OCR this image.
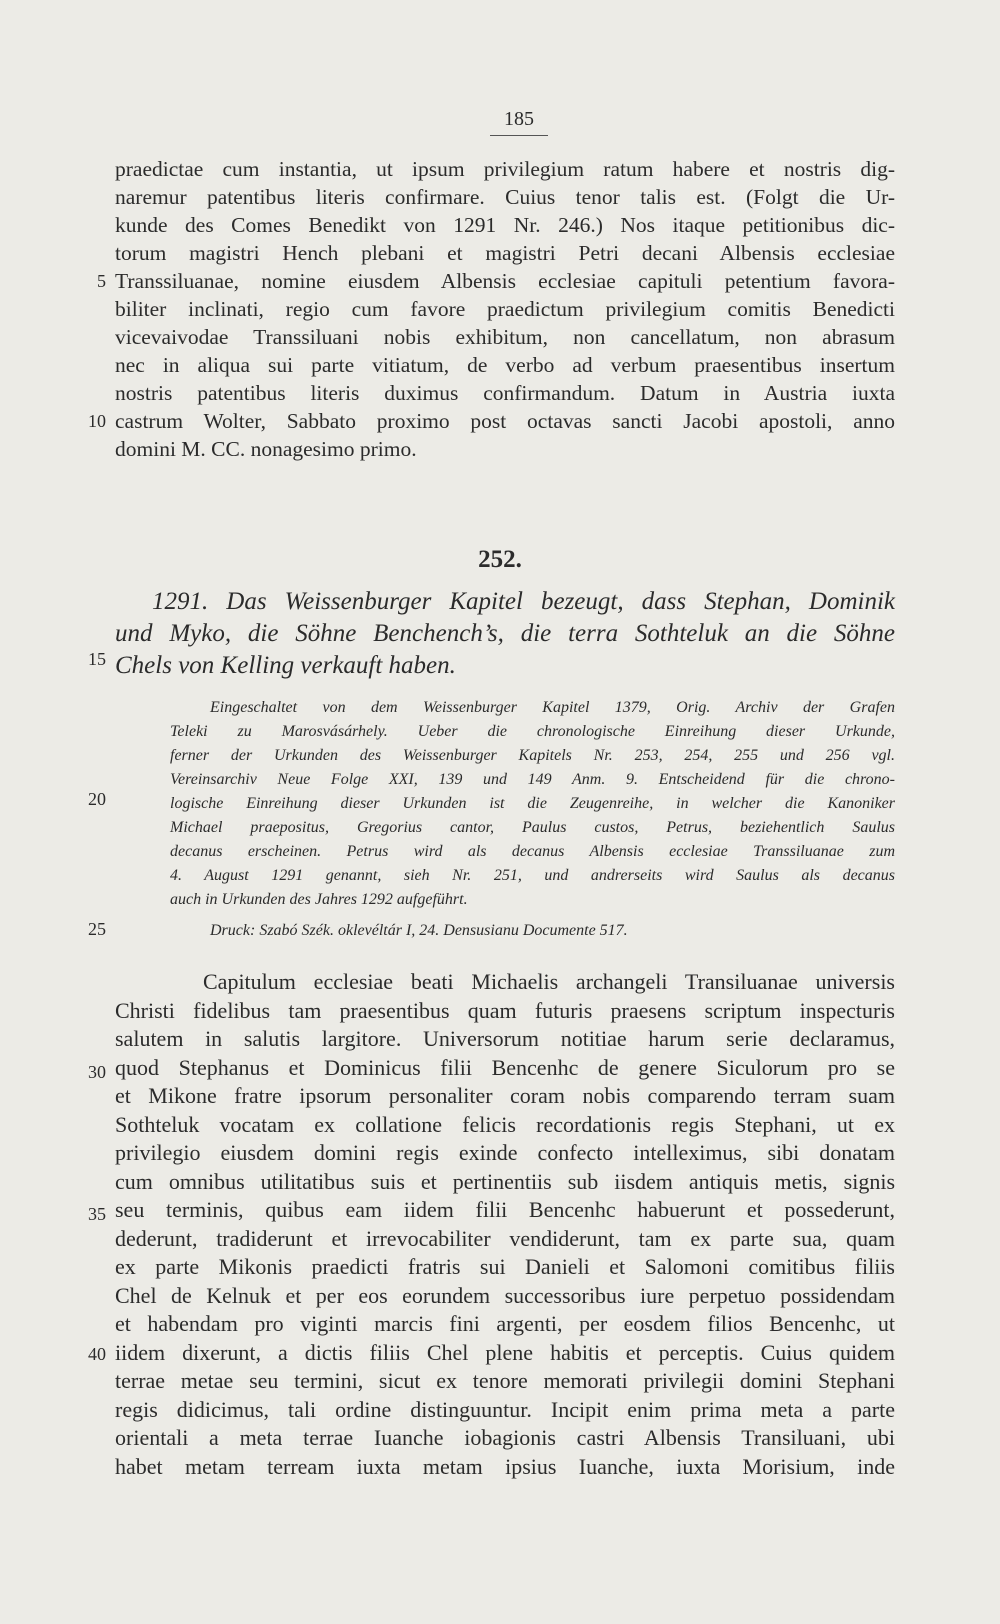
185
praedictae cum instantia, ut ipsum privilegium ratum habere et nostris dig-
naremur patentibus literis confirmare. Cuius tenor talis est. (Folgt die Ur-
kunde des Comes Benedikt von 1291 Nr. 246.) Nos itaque petitionibus dic-
torum magistri Hench plebani et magistri Petri decani Albensis ecclesiae
Transsiluanae, nomine eiusdem Albensis ecclesiae capituli petentium favora-
biliter inclinati, regio cum favore praedictum privilegium comitis Benedicti
vicevaivodae Transsiluani nobis exhibitum, non cancellatum, non abrasum
nec in aliqua sui parte vitiatum, de verbo ad verbum praesentibus insertum
nostris patentibus literis duximus confirmandum. Datum in Austria iuxta
castrum Wolter, Sabbato proximo post octavas sancti Jacobi apostoli, anno
domini M. CC. nonagesimo primo.
5
10
15
20
25
30
35
40
252.
1291. Das Weissenburger Kapitel bezeugt, dass Stephan, Dominik
und Myko, die Söhne Benchench’s, die terra Sothteluk an die Söhne
Chels von Kelling verkauft haben.
Eingeschaltet von dem Weissenburger Kapitel 1379, Orig. Archiv der Grafen
Teleki zu Marosvásárhely. Ueber die chronologische Einreihung dieser Urkunde,
ferner der Urkunden des Weissenburger Kapitels Nr. 253, 254, 255 und 256 vgl.
Vereinsarchiv Neue Folge XXI, 139 und 149 Anm. 9. Entscheidend für die chrono-
logische Einreihung dieser Urkunden ist die Zeugenreihe, in welcher die Kanoniker
Michael praepositus, Gregorius cantor, Paulus custos, Petrus, beziehentlich Saulus
decanus erscheinen. Petrus wird als decanus Albensis ecclesiae Transsiluanae zum
4. August 1291 genannt, sieh Nr. 251, und andrerseits wird Saulus als decanus
auch in Urkunden des Jahres 1292 aufgeführt.
Druck: Szabó Szék. oklevéltár I, 24. Densusianu Documente 517.
Capitulum ecclesiae beati Michaelis archangeli Transiluanae universis
Christi fidelibus tam praesentibus quam futuris praesens scriptum inspecturis
salutem in salutis largitore. Universorum notitiae harum serie declaramus,
quod Stephanus et Dominicus filii Bencenhc de genere Siculorum pro se
et Mikone fratre ipsorum personaliter coram nobis comparendo terram suam
Sothteluk vocatam ex collatione felicis recordationis regis Stephani, ut ex
privilegio eiusdem domini regis exinde confecto intelleximus, sibi donatam
cum omnibus utilitatibus suis et pertinentiis sub iisdem antiquis metis, signis
seu terminis, quibus eam iidem filii Bencenhc habuerunt et possederunt,
dederunt, tradiderunt et irrevocabiliter vendiderunt, tam ex parte sua, quam
ex parte Mikonis praedicti fratris sui Danieli et Salomoni comitibus filiis
Chel de Kelnuk et per eos eorundem successoribus iure perpetuo possidendam
et habendam pro viginti marcis fini argenti, per eosdem filios Bencenhc, ut
iidem dixerunt, a dictis filiis Chel plene habitis et perceptis. Cuius quidem
terrae metae seu termini, sicut ex tenore memorati privilegii domini Stephani
regis didicimus, tali ordine distinguuntur. Incipit enim prima meta a parte
orientali a meta terrae Iuanche iobagionis castri Albensis Transiluani, ubi
habet metam terream iuxta metam ipsius Iuanche, iuxta Morisium, inde
